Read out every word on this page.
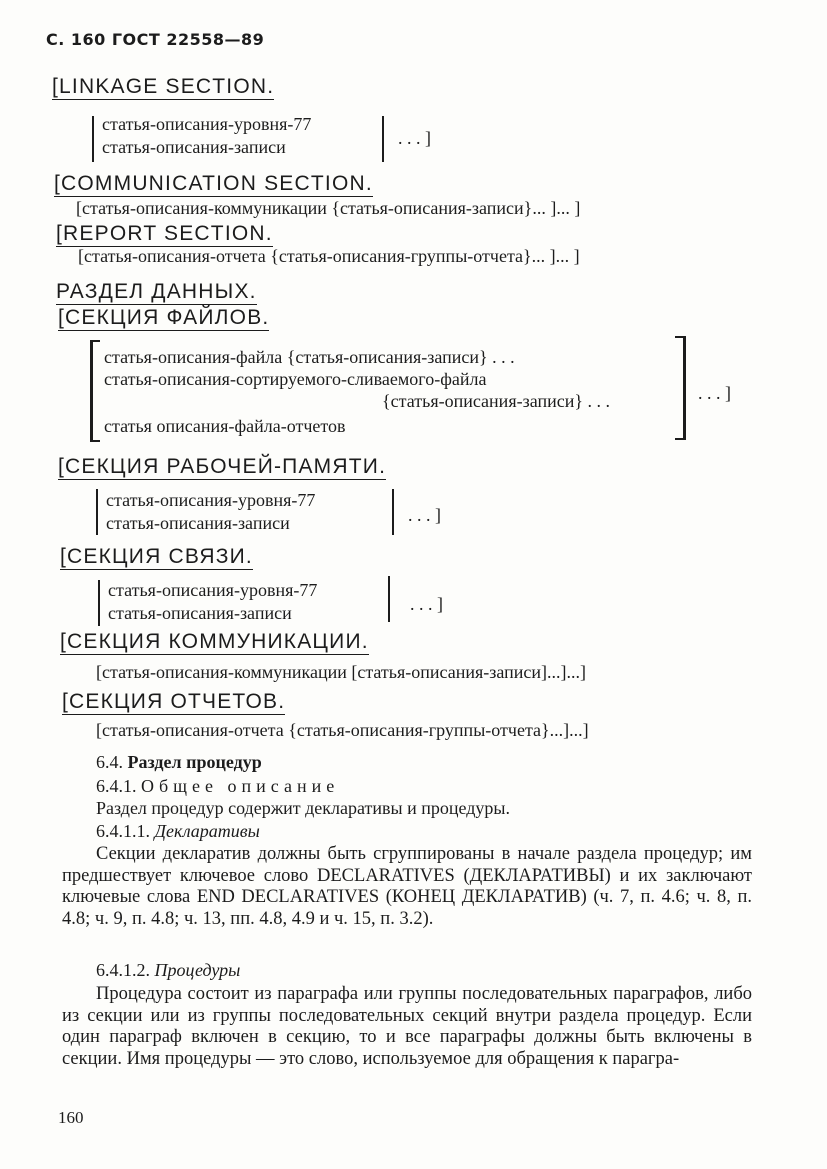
С. 160 ГОСТ 22558—89
[LINKAGE SECTION.
статья-описания-уровня-77
статья-описания-записи	. . . ]
[COMMUNICATION SECTION.
[статья-описания-коммуникации {статья-описания-записи}... ]... ]
[REPORT SECTION.
[статья-описания-отчета {статья-описания-группы-отчета}... ]... ]
РАЗДЕЛ ДАННЫХ.
[СЕКЦИЯ ФАЙЛОВ.
статья-описания-файла {статья-описания-записи} . . .
статья-описания-сортируемого-сливаемого-файла
{статья-описания-записи} . . .
статья описания-файла-отчетов
. . . ]
[СЕКЦИЯ РАБОЧЕЙ-ПАМЯТИ.
статья-описания-уровня-77
статья-описания-записи	. . . ]
[СЕКЦИЯ СВЯЗИ.
статья-описания-уровня-77
статья-описания-записи	. . . ]
[СЕКЦИЯ КОММУНИКАЦИИ.
[статья-описания-коммуникации [статья-описания-записи]...]...]
[СЕКЦИЯ ОТЧЕТОВ.
[статья-описания-отчета {статья-описания-группы-отчета}...]...]
6.4. Раздел процедур
6.4.1. Общее описание
Раздел процедур содержит декларативы и процедуры.
6.4.1.1. Декларативы

Секции декларатив должны быть сгруппированы в начале раздела процедур; им предшествует ключевое слово DECLARATIVES (ДЕКЛАРАТИВЫ) и их заключают ключевые слова END DECLARATIVES (КОНЕЦ ДЕКЛАРАТИВ) (ч. 7, п. 4.6; ч. 8, п. 4.8; ч. 9, п. 4.8; ч. 13, пп. 4.8, 4.9 и ч. 15, п. 3.2).

6.4.1.2. Процедуры

Процедура состоит из параграфа или группы последовательных параграфов, либо из секции или из группы последовательных секций внутри раздела процедур. Если один параграф включен в секцию, то и все параграфы должны быть включены в секции. Имя процедуры — это слово, используемое для обращения к парагра-

160
